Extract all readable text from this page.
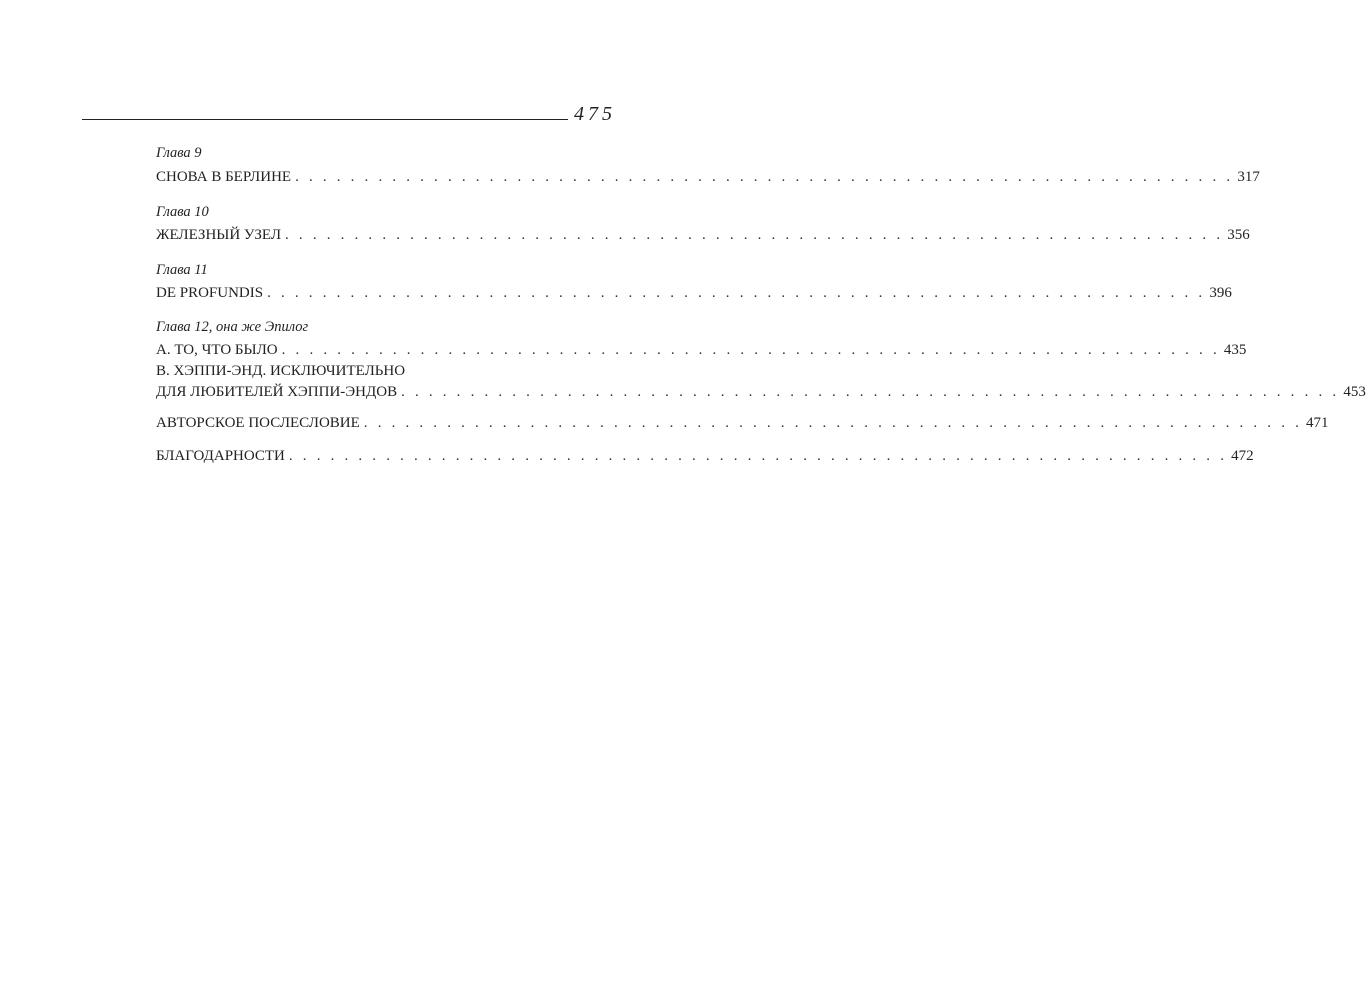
475
Глава 9
СНОВА В БЕРЛИНЕ . . . . . . . . . . . . . . . . . . . . . . . . . . . . . . . . . . . . . . . . . . . . . . . . . . . . . . . . . . . . . . . . . . . . 317
Глава 10
ЖЕЛЕЗНЫЙ УЗЕЛ . . . . . . . . . . . . . . . . . . . . . . . . . . . . . . . . . . . . . . . . . . . . . . . . . . . . . . . . . . . . . . . . . . . . 356
Глава 11
DE PROFUNDIS . . . . . . . . . . . . . . . . . . . . . . . . . . . . . . . . . . . . . . . . . . . . . . . . . . . . . . . . . . . . . . . . . . . . 396
Глава 12, она же Эпилог
А. ТО, ЧТО БЫЛО . . . . . . . . . . . . . . . . . . . . . . . . . . . . . . . . . . . . . . . . . . . . . . . . . . . . . . . . . . . . . . . . . . . . 435
В. ХЭППИ-ЭНД. ИСКЛЮЧИТЕЛЬНО
ДЛЯ ЛЮБИТЕЛЕЙ ХЭППИ-ЭНДОВ . . . . . . . . . . . . . . . . . . . . . . . . . . . . . . . . . . . . . . . . . . . . . . . . . . . . . . . . . . . . . . . . . . . . 453
АВТОРСКОЕ ПОСЛЕСЛОВИЕ . . . . . . . . . . . . . . . . . . . . . . . . . . . . . . . . . . . . . . . . . . . . . . . . . . . . . . . . . . . . . . . . . . . . 471
БЛАГОДАРНОСТИ . . . . . . . . . . . . . . . . . . . . . . . . . . . . . . . . . . . . . . . . . . . . . . . . . . . . . . . . . . . . . . . . . . . . 472
